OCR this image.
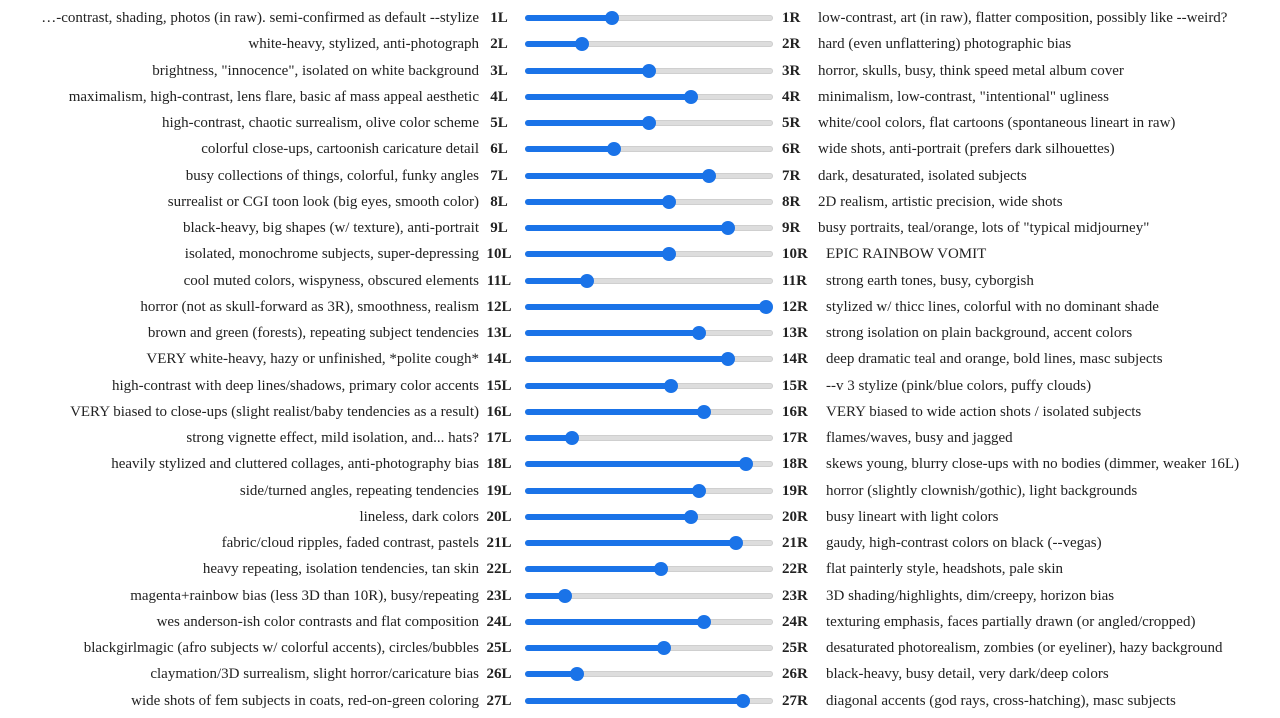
…-contrast, shading, photos (in raw). semi-confirmed as default --stylize 1L	1R	low-contrast, art (in raw), flatter composition, possibly like --weird?
white-heavy, stylized, anti-photograph 2L	2R	hard (even unflattering) photographic bias
brightness, "innocence", isolated on white background 3L	3R	horror, skulls, busy, think speed metal album cover
maximalism, high-contrast, lens flare, basic af mass appeal aesthetic 4L	4R	minimalism, low-contrast, "intentional" ugliness
high-contrast, chaotic surrealism, olive color scheme 5L	5R	white/cool colors, flat cartoons (spontaneous lineart in raw)
colorful close-ups, cartoonish caricature detail 6L	6R	wide shots, anti-portrait (prefers dark silhouettes)
busy collections of things, colorful, funky angles 7L	7R	dark, desaturated, isolated subjects
surrealist or CGI toon look (big eyes, smooth color) 8L	8R	2D realism, artistic precision, wide shots
black-heavy, big shapes (w/ texture), anti-portrait 9L	9R	busy portraits, teal/orange, lots of "typical midjourney"
isolated, monochrome subjects, super-depressing 10L	10R EPIC RAINBOW VOMIT
cool muted colors, wispyness, obscured elements 11L	11R	strong earth tones, busy, cyborgish
horror (not as skull-forward as 3R), smoothness, realism 12L	12R stylized w/ thicc lines, colorful with no dominant shade
brown and green (forests), repeating subject tendencies 13L	13R strong isolation on plain background, accent colors
VERY white-heavy, hazy or unfinished, *polite cough* 14L	14R deep dramatic teal and orange, bold lines, masc subjects
high-contrast with deep lines/shadows, primary color accents 15L	15R --v 3 stylize (pink/blue colors, puffy clouds)
VERY biased to close-ups (slight realist/baby tendencies as a result) 16L	16R VERY biased to wide action shots / isolated subjects
strong vignette effect, mild isolation, and... hats? 17L	17R flames/waves, busy and jagged
heavily stylized and cluttered collages, anti-photography bias 18L	18R skews young, blurry close-ups with no bodies (dimmer, weaker 16L)
side/turned angles, repeating tendencies 19L	19R horror (slightly clownish/gothic), light backgrounds
lineless, dark colors 20L	20R busy lineart with light colors
fabric/cloud ripples, faded contrast, pastels 21L	21R gaudy, high-contrast colors on black (--vegas)
heavy repeating, isolation tendencies, tan skin 22L	22R flat painterly style, headshots, pale skin
magenta+rainbow bias (less 3D than 10R), busy/repeating 23L	23R 3D shading/highlights, dim/creepy, horizon bias
wes anderson-ish color contrasts and flat composition 24L	24R texturing emphasis, faces partially drawn (or angled/cropped)
blackgirlmagic (afro subjects w/ colorful accents), circles/bubbles 25L	25R desaturated photorealism, zombies (or eyeliner), hazy background
claymation/3D surrealism, slight horror/caricature bias 26L	26R black-heavy, busy detail, very dark/deep colors
wide shots of fem subjects in coats, red-on-green coloring 27L	27R diagonal accents (god rays, cross-hatching), masc subjects
